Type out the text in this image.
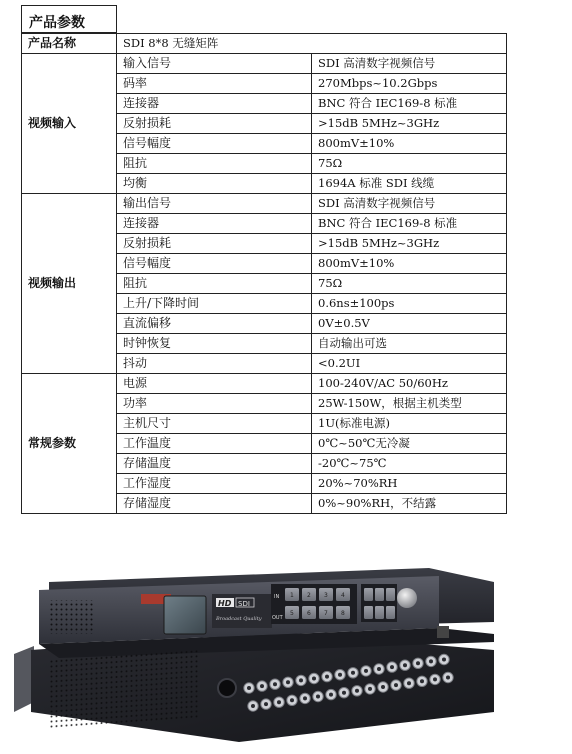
产品参数
产品名称	SDI 8*8 无缝矩阵	
视频输入	输入信号	SDI 高清数字视频信号
	码率	270Mbps~10.2Gbps
	连接器	BNC 符合 IEC169-8 标准
	反射损耗	>15dB 5MHz~3GHz
	信号幅度	800mV±10%
	阻抗	75Ω
	均衡	1694A 标准 SDI 线缆
视频输出	输出信号	SDI 高清数字视频信号
	连接器	BNC 符合 IEC169-8 标准
	反射损耗	>15dB 5MHz~3GHz
	信号幅度	800mV±10%
	阻抗	75Ω
	上升/下降时间	0.6ns±100ps
	直流偏移	0V±0.5V
	时钟恢复	自动输出可选
	抖动	<0.2UI
常规参数	电源	100-240V/AC 50/60Hz
	功率	25W-150W，根据主机类型
	主机尺寸	1U(标准电源)
	工作温度	0℃~50℃无冷凝
	存储温度	-20℃~75℃
	工作湿度	20%~70%RH
	存储湿度	0%~90%RH，不结露
HD SDI
Broadcast Quality
1 2 3 4
5 6 7 8
IN
OUT
